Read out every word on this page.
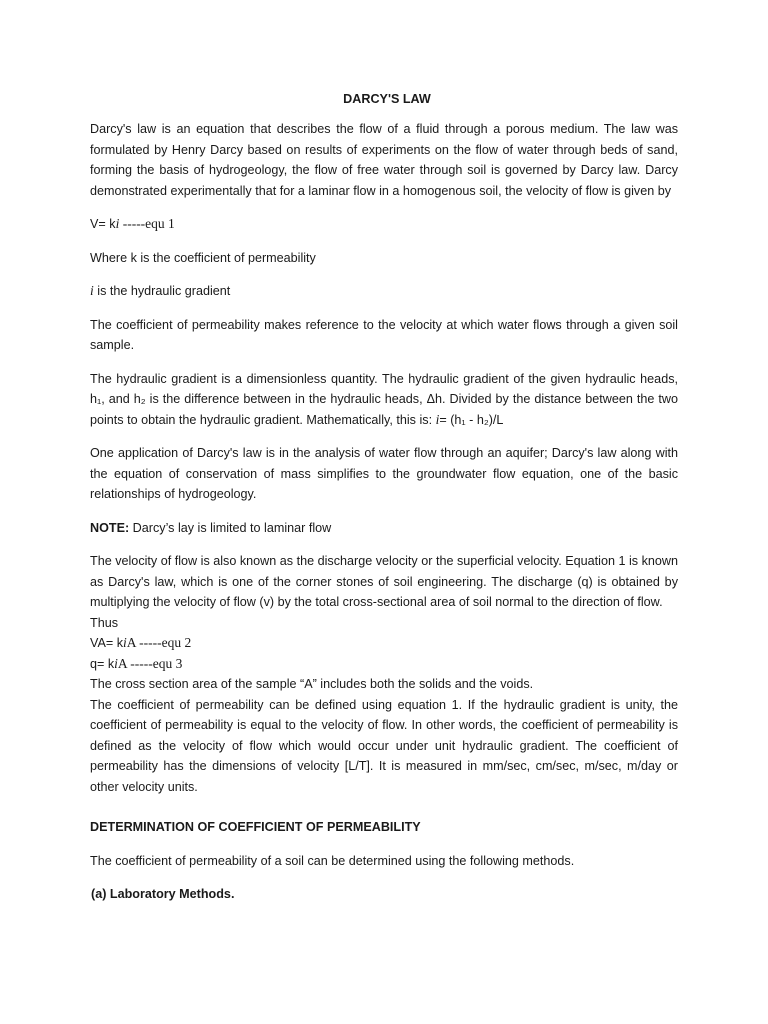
DARCY'S LAW

Darcy's law is an equation that describes the flow of a fluid through a porous medium. The law was formulated by Henry Darcy based on results of experiments on the flow of water through beds of sand, forming the basis of hydrogeology, the flow of free water through soil is governed by Darcy law. Darcy demonstrated experimentally that for a laminar flow in a homogenous soil, the velocity of flow is given by

V= ki -----equ 1

Where k is the coefficient of permeability

i is the hydraulic gradient

The coefficient of permeability makes reference to the velocity at which water flows through a given soil sample.

The hydraulic gradient is a dimensionless quantity. The hydraulic gradient of the given hydraulic heads, h₁, and h₂ is the difference between in the hydraulic heads, Δh. Divided by the distance between the two points to obtain the hydraulic gradient. Mathematically, this is: i= (h₁ - h₂)/L

One application of Darcy's law is in the analysis of water flow through an aquifer; Darcy's law along with the equation of conservation of mass simplifies to the groundwater flow equation, one of the basic relationships of hydrogeology.

NOTE: Darcy’s lay is limited to laminar flow

The velocity of flow is also known as the discharge velocity or the superficial velocity. Equation 1 is known as Darcy's law, which is one of the corner stones of soil engineering. The discharge (q) is obtained by multiplying the velocity of flow (v) by the total cross-sectional area of soil normal to the direction of flow.

Thus

VA= kiA -----equ 2

q= kiA -----equ 3

The cross section area of the sample “A” includes both the solids and the voids.

The coefficient of permeability can be defined using equation 1. If the hydraulic gradient is unity, the coefficient of permeability is equal to the velocity of flow. In other words, the coefficient of permeability is defined as the velocity of flow which would occur under unit hydraulic gradient. The coefficient of permeability has the dimensions of velocity [L/T]. It is measured in mm/sec, cm/sec, m/sec, m/day or other velocity units.

DETERMINATION OF COEFFICIENT OF PERMEABILITY

The coefficient of permeability of a soil can be determined using the following methods.

(a) Laboratory Methods.
